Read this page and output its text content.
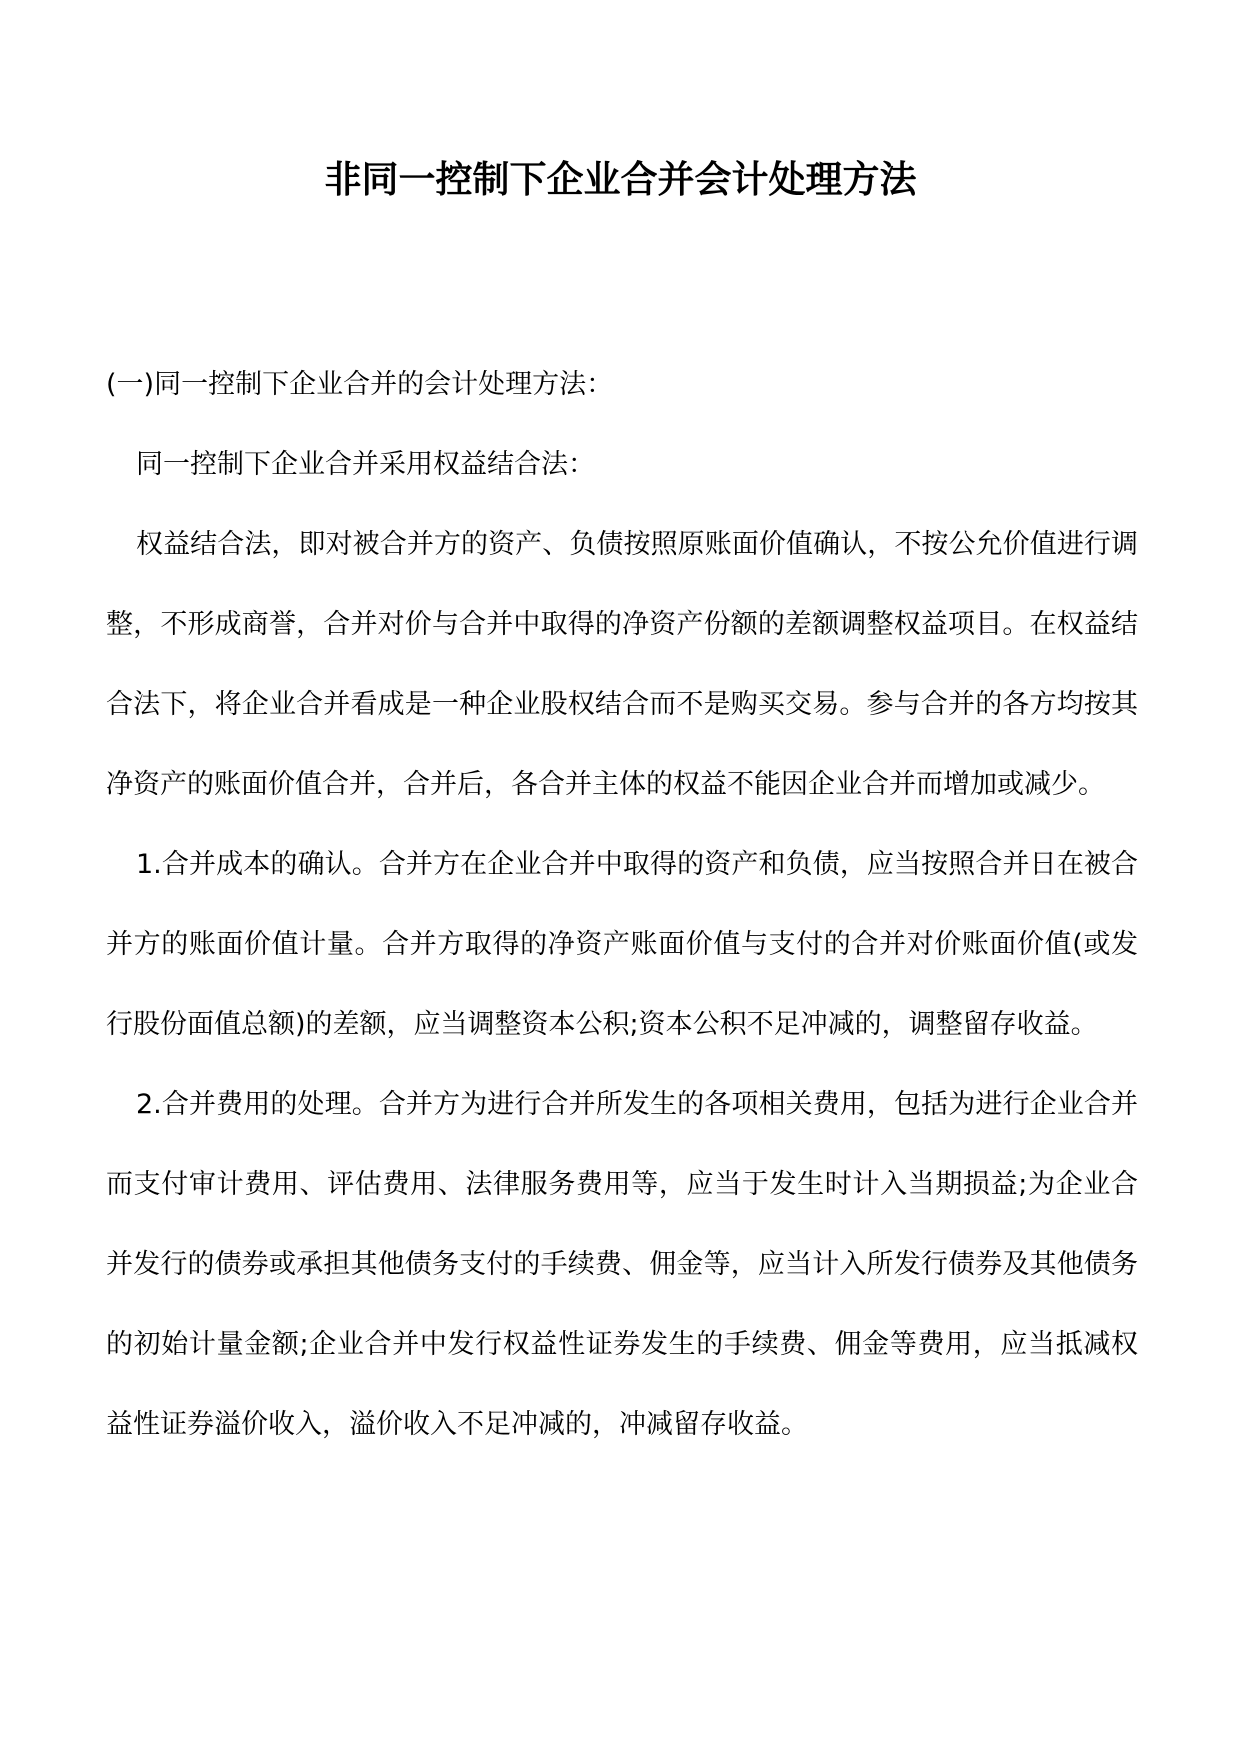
非同一控制下企业合并会计处理方法

(一)同一控制下企业合并的会计处理方法：

同一控制下企业合并采用权益结合法：

权益结合法，即对被合并方的资产、负债按照原账面价值确认，不按公允价值进行调整，不形成商誉，合并对价与合并中取得的净资产份额的差额调整权益项目。在权益结合法下，将企业合并看成是一种企业股权结合而不是购买交易。参与合并的各方均按其净资产的账面价值合并，合并后，各合并主体的权益不能因企业合并而增加或减少。

1.合并成本的确认。合并方在企业合并中取得的资产和负债，应当按照合并日在被合并方的账面价值计量。合并方取得的净资产账面价值与支付的合并对价账面价值(或发行股份面值总额)的差额，应当调整资本公积;资本公积不足冲减的，调整留存收益。

2.合并费用的处理。合并方为进行合并所发生的各项相关费用，包括为进行企业合并而支付审计费用、评估费用、法律服务费用等，应当于发生时计入当期损益;为企业合并发行的债券或承担其他债务支付的手续费、佣金等，应当计入所发行债券及其他债务的初始计量金额;企业合并中发行权益性证券发生的手续费、佣金等费用，应当抵减权益性证券溢价收入，溢价收入不足冲减的，冲减留存收益。
